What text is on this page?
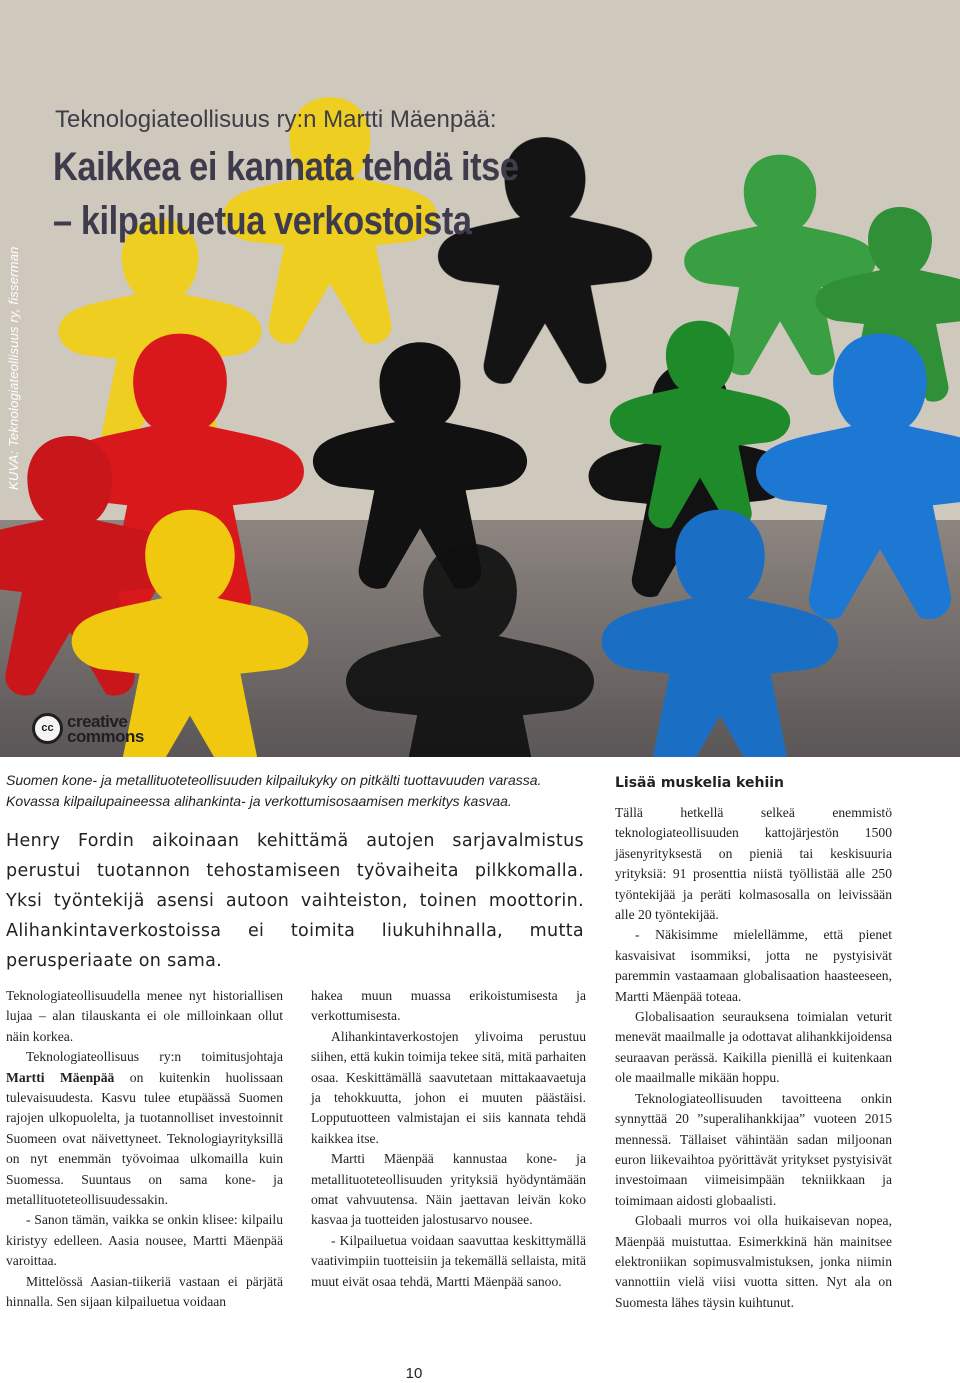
KUVA: Teknologiateollisuus ry, fisserman
Teknologiateollisuus ry:n Martti Mäenpää:
Kaikkea ei kannata tehdä itse
– kilpailuetua verkostoista
cc creative
commons
Suomen kone- ja metallituoteteollisuuden kilpailukyky on pitkälti tuottavuuden varassa.
Kovassa kilpailupaineessa alihankinta- ja verkottumisosaamisen merkitys kasvaa.
Henry Fordin aikoinaan kehittämä autojen sarjavalmistus perustui tuotannon tehostamiseen työvaiheita pilkkomalla. Yksi työntekijä asensi autoon vaihteiston, toinen moottorin. Alihankintaverkostoissa ei toimita liukuhihnalla, mutta perusperiaate on sama.

Teknologiateollisuudella menee nyt historiallisen lujaa – alan tilauskanta ei ole milloinkaan ollut näin korkea.

Teknologiateollisuus ry:n toimitusjohtaja Martti Mäenpää on kuitenkin huolissaan tulevaisuudesta. Kasvu tulee etupäässä Suomen rajojen ulkopuolelta, ja tuotannolliset investoinnit Suomeen ovat näivettyneet. Teknologiayrityksillä on nyt enemmän työvoimaa ulkomailla kuin Suomessa. Suuntaus on sama kone- ja metallituoteteollisuudessakin.

- Sanon tämän, vaikka se onkin klisee: kilpailu kiristyy edelleen. Aasia nousee, Martti Mäenpää varoittaa.

Mittelössä Aasian-tiikeriä vastaan ei pärjätä hinnalla. Sen sijaan kilpailuetua voidaan

hakea muun muassa erikoistumisesta ja verkottumisesta.

Alihankintaverkostojen ylivoima perustuu siihen, että kukin toimija tekee sitä, mitä parhaiten osaa. Keskittämällä saavutetaan mittakaavaetuja ja tehokkuutta, johon ei muuten päästäisi. Lopputuotteen valmistajan ei siis kannata tehdä kaikkea itse.

Martti Mäenpää kannustaa kone- ja metallituoteteollisuuden yrityksiä hyödyntämään omat vahvuutensa. Näin jaettavan leivän koko kasvaa ja tuotteiden jalostusarvo nousee.

- Kilpailuetua voidaan saavuttaa keskittymällä vaativimpiin tuotteisiin ja tekemällä sellaista, mitä muut eivät osaa tehdä, Martti Mäenpää sanoo.

Lisää muskelia kehiin

Tällä hetkellä selkeä enemmistö teknologiateollisuuden kattojärjestön 1500 jäsenyrityksestä on pieniä tai keskisuuria yrityksiä: 91 prosenttia niistä työllistää alle 250 työntekijää ja peräti kolmasosalla on leivissään alle 20 työntekijää.

- Näkisimme mielellämme, että pienet kasvaisivat isommiksi, jotta ne pystyisivät paremmin vastaamaan globalisaation haasteeseen, Martti Mäenpää toteaa.

Globalisaation seurauksena toimialan veturit menevät maailmalle ja odottavat alihankkijoidensa seuraavan perässä. Kaikilla pienillä ei kuitenkaan ole maailmalle mikään hoppu.

Teknologiateollisuuden tavoitteena onkin synnyttää 20 ”superalihankkijaa” vuoteen 2015 mennessä. Tällaiset vähintään sadan miljoonan euron liikevaihtoa pyörittävät yritykset pystyisivät investoimaan viimeisimpään tekniikkaan ja toimimaan aidosti globaalisti.

Globaali murros voi olla huikaisevan nopea, Mäenpää muistuttaa. Esimerkkinä hän mainitsee elektroniikan sopimusvalmistuksen, jonka niimin vannottiin vielä viisi vuotta sitten. Nyt ala on Suomesta lähes täysin kuihtunut.

10
